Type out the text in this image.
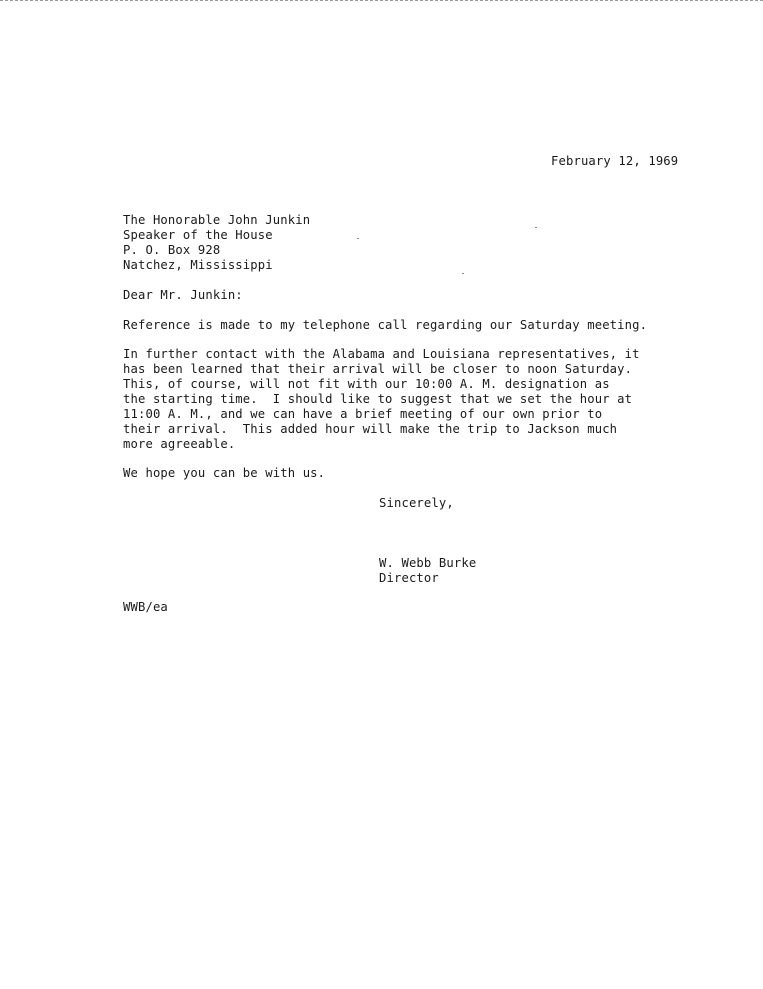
February 12, 1969
The Honorable John Junkin
Speaker of the House
P. O. Box 928
Natchez, Mississippi
Dear Mr. Junkin:
Reference is made to my telephone call regarding our Saturday meeting.
In further contact with the Alabama and Louisiana representatives, it
has been learned that their arrival will be closer to noon Saturday.
This, of course, will not fit with our 10:00 A. M. designation as
the starting time.  I should like to suggest that we set the hour at
11:00 A. M., and we can have a brief meeting of our own prior to
their arrival.  This added hour will make the trip to Jackson much
more agreeable.
We hope you can be with us.
Sincerely,
W. Webb Burke
Director
WWB/ea
